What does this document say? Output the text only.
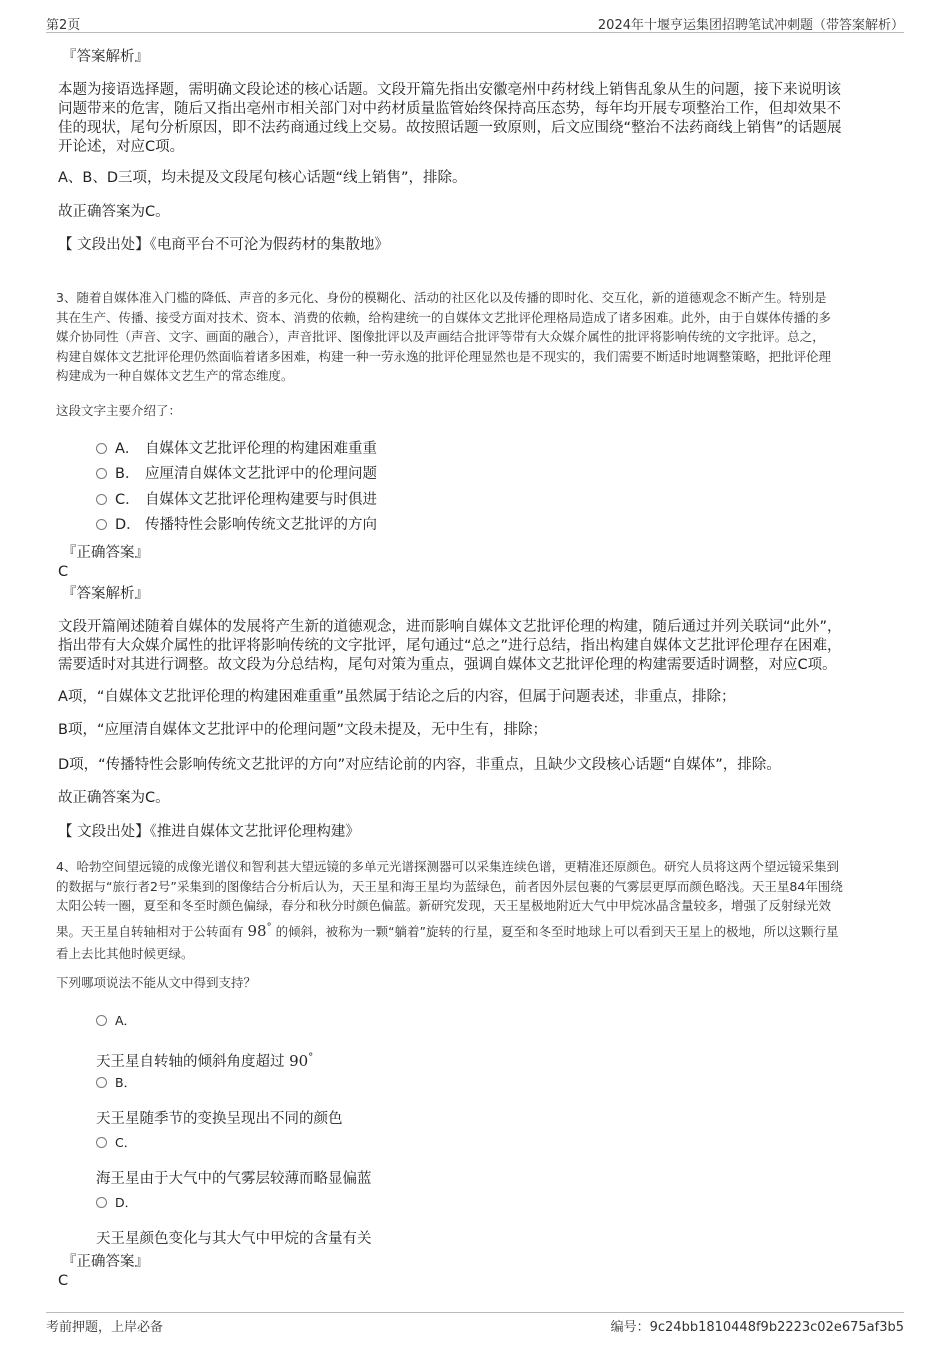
第2页	2024年十堰亨运集团招聘笔试冲刺题（带答案解析）
『答案解析』
本题为接语选择题，需明确文段论述的核心话题。文段开篇先指出安徽亳州中药材线上销售乱象从生的问题，接下来说明该
问题带来的危害，随后又指出亳州市相关部门对中药材质量监管始终保持高压态势，每年均开展专项整治工作，但却效果不
佳的现状，尾句分析原因，即不法药商通过线上交易。故按照话题一致原则，后文应围绕“整治不法药商线上销售”的话题展
开论述，对应C项。
A、B、D三项，均未提及文段尾句核心话题“线上销售”，排除。
故正确答案为C。
【 文段出处】《电商平台不可沦为假药材的集散地》
3、随着自媒体准入门槛的降低、声音的多元化、身份的模糊化、活动的社区化以及传播的即时化、交互化，新的道德观念不断产生。特别是
其在生产、传播、接受方面对技术、资本、消费的依赖，给构建统一的自媒体文艺批评伦理格局造成了诸多困难。此外，由于自媒体传播的多
媒介协同性（声音、文字、画面的融合），声音批评、图像批评以及声画结合批评等带有大众媒介属性的批评将影响传统的文字批评。总之，
构建自媒体文艺批评伦理仍然面临着诸多困难，构建一种一劳永逸的批评伦理显然也是不现实的，我们需要不断适时地调整策略，把批评伦理
构建成为一种自媒体文艺生产的常态维度。
这段文字主要介绍了：
A． 自媒体文艺批评伦理的构建困难重重
B． 应厘清自媒体文艺批评中的伦理问题
C． 自媒体文艺批评伦理构建要与时俱进
D． 传播特性会影响传统文艺批评的方向
『正确答案』
C
『答案解析』
文段开篇阐述随着自媒体的发展将产生新的道德观念，进而影响自媒体文艺批评伦理的构建，随后通过并列关联词“此外”，
指出带有大众媒介属性的批评将影响传统的文字批评，尾句通过“总之”进行总结，指出构建自媒体文艺批评伦理存在困难，
需要适时对其进行调整。故文段为分总结构，尾句对策为重点，强调自媒体文艺批评伦理的构建需要适时调整，对应C项。
A项，“自媒体文艺批评伦理的构建困难重重”虽然属于结论之后的内容，但属于问题表述，非重点，排除；
B项，“应厘清自媒体文艺批评中的伦理问题”文段未提及，无中生有，排除；
D项，“传播特性会影响传统文艺批评的方向”对应结论前的内容，非重点，且缺少文段核心话题“自媒体”，排除。
故正确答案为C。
【 文段出处】《推进自媒体文艺批评伦理构建》
4、哈勃空间望远镜的成像光谱仪和智利甚大望远镜的多单元光谱探测器可以采集连续色谱，更精准还原颜色。研究人员将这两个望远镜采集到
的数据与“旅行者2号”采集到的图像结合分析后认为，天王星和海王星均为蓝绿色，前者因外层包裹的气雾层更厚而颜色略浅。天王星84年围绕
太阳公转一圈，夏至和冬至时颜色偏绿，春分和秋分时颜色偏蓝。新研究发现，天王星极地附近大气中甲烷冰晶含量较多，增强了反射绿光效
果。天王星自转轴相对于公转面有 98° 的倾斜，被称为一颗“躺着”旋转的行星，夏至和冬至时地球上可以看到天王星上的极地，所以这颗行星
看上去比其他时候更绿。
下列哪项说法不能从文中得到支持？
A．
天王星自转轴的倾斜角度超过 90°
B．
天王星随季节的变换呈现出不同的颜色
C．
海王星由于大气中的气雾层较薄而略显偏蓝
D．
天王星颜色变化与其大气中甲烷的含量有关
『正确答案』
C
考前押题，上岸必备	编号：9c24bb1810448f9b2223c02e675af3b5
